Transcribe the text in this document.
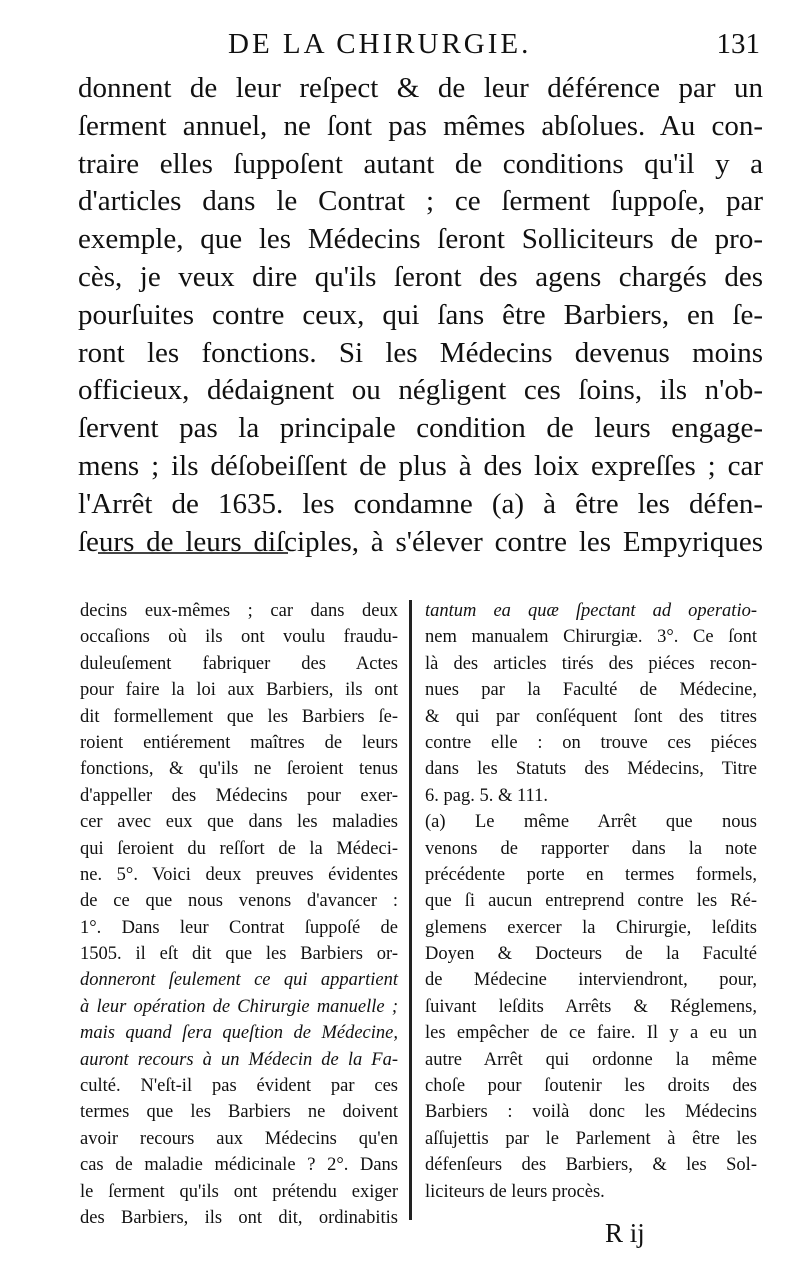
DE LA CHIRURGIE.	131
donnent de leur reſpect & de leur déférence par un
ſerment annuel, ne ſont pas mêmes abſolues. Au con-
traire elles ſuppoſent autant de conditions qu'il y a
d'articles dans le Contrat ; ce ſerment ſuppoſe, par
exemple, que les Médecins ſeront Solliciteurs de pro-
cès, je veux dire qu'ils ſeront des agens chargés des
pourſuites contre ceux, qui ſans être Barbiers, en ſe-
ront les fonctions. Si les Médecins devenus moins
officieux, dédaignent ou négligent ces ſoins, ils n'ob-
ſervent pas la principale condition de leurs engage-
mens ; ils déſobeiſſent de plus à des loix expreſſes ; car
l'Arrêt de 1635. les condamne (a) à être les défen-
ſeurs de leurs diſciples, à s'élever contre les Empyriques
decins eux-mêmes ; car dans deux
occaſions où ils ont voulu fraudu-
duleuſement fabriquer des Actes
pour faire la loi aux Barbiers, ils ont
dit formellement que les Barbiers ſe-
roient entiérement maîtres de leurs
fonctions, & qu'ils ne ſeroient tenus
d'appeller des Médecins pour exer-
cer avec eux que dans les maladies
qui ſeroient du reſſort de la Médeci-
ne. 5°. Voici deux preuves évidentes
de ce que nous venons d'avancer :
1°. Dans leur Contrat ſuppoſé de
1505. il eſt dit que les Barbiers or-
donneront ſeulement ce qui appartient
à leur opération de Chirurgie manuelle ;
mais quand ſera queſtion de Médecine,
auront recours à un Médecin de la Fa-
culté. N'eſt-il pas évident par ces
termes que les Barbiers ne doivent
avoir recours aux Médecins qu'en
cas de maladie médicinale ? 2°. Dans
le ſerment qu'ils ont prétendu exiger
des Barbiers, ils ont dit, ordinabitis
tantum ea quæ ſpectant ad operatio-
nem manualem Chirurgiæ. 3°. Ce ſont
là des articles tirés des piéces recon-
nues par la Faculté de Médecine,
& qui par conſéquent ſont des titres
contre elle : on trouve ces piéces
dans les Statuts des Médecins, Titre
6. pag. 5. & 111.
(a) Le même Arrêt que nous
venons de rapporter dans la note
précédente porte en termes formels,
que ſi aucun entreprend contre les Ré-
glemens exercer la Chirurgie, leſdits
Doyen & Docteurs de la Faculté
de Médecine interviendront, pour,
ſuivant leſdits Arrêts & Réglemens,
les empêcher de ce faire. Il y a eu un
autre Arrêt qui ordonne la même
choſe pour ſoutenir les droits des
Barbiers : voilà donc les Médecins
aſſujettis par le Parlement à être les
défenſeurs des Barbiers, & les Sol-
liciteurs de leurs procès.
R ij
